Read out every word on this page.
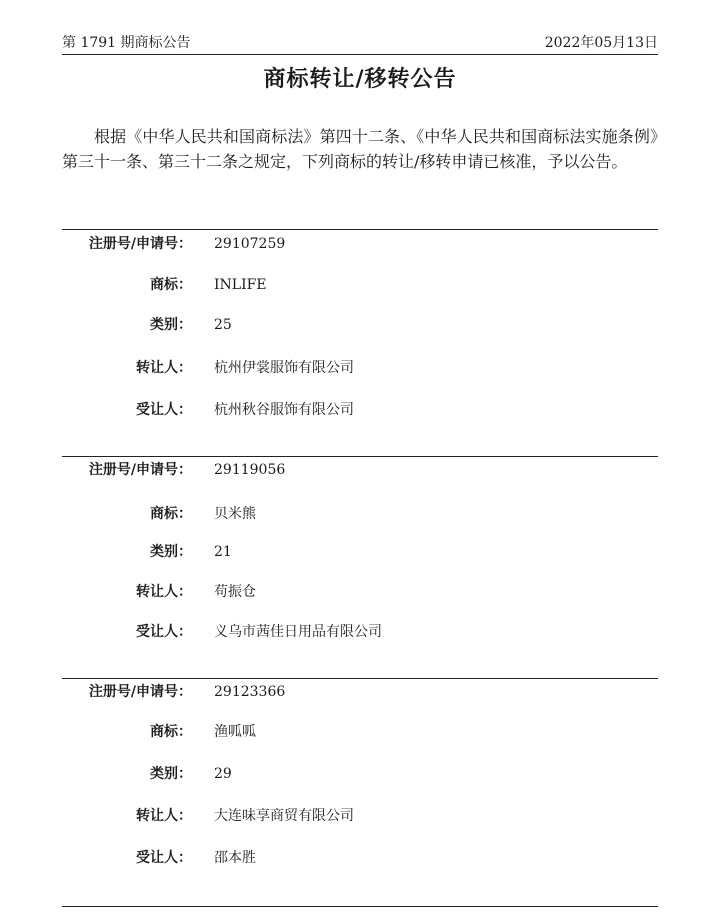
第 1791 期商标公告	2022年05月13日
商标转让/移转公告
根据《中华人民共和国商标法》第四十二条、《中华人民共和国商标法实施条例》第三十一条、第三十二条之规定，下列商标的转让/移转申请已核准，予以公告。
注册号/申请号： 29107259
商标： INLIFE
类别： 25
转让人： 杭州伊裳服饰有限公司
受让人： 杭州秋谷服饰有限公司
注册号/申请号： 29119056
商标： 贝米熊
类别： 21
转让人： 苟振仓
受让人： 义乌市茜佳日用品有限公司
注册号/申请号： 29123366
商标： 渔呱呱
类别： 29
转让人： 大连味享商贸有限公司
受让人： 邵本胜
